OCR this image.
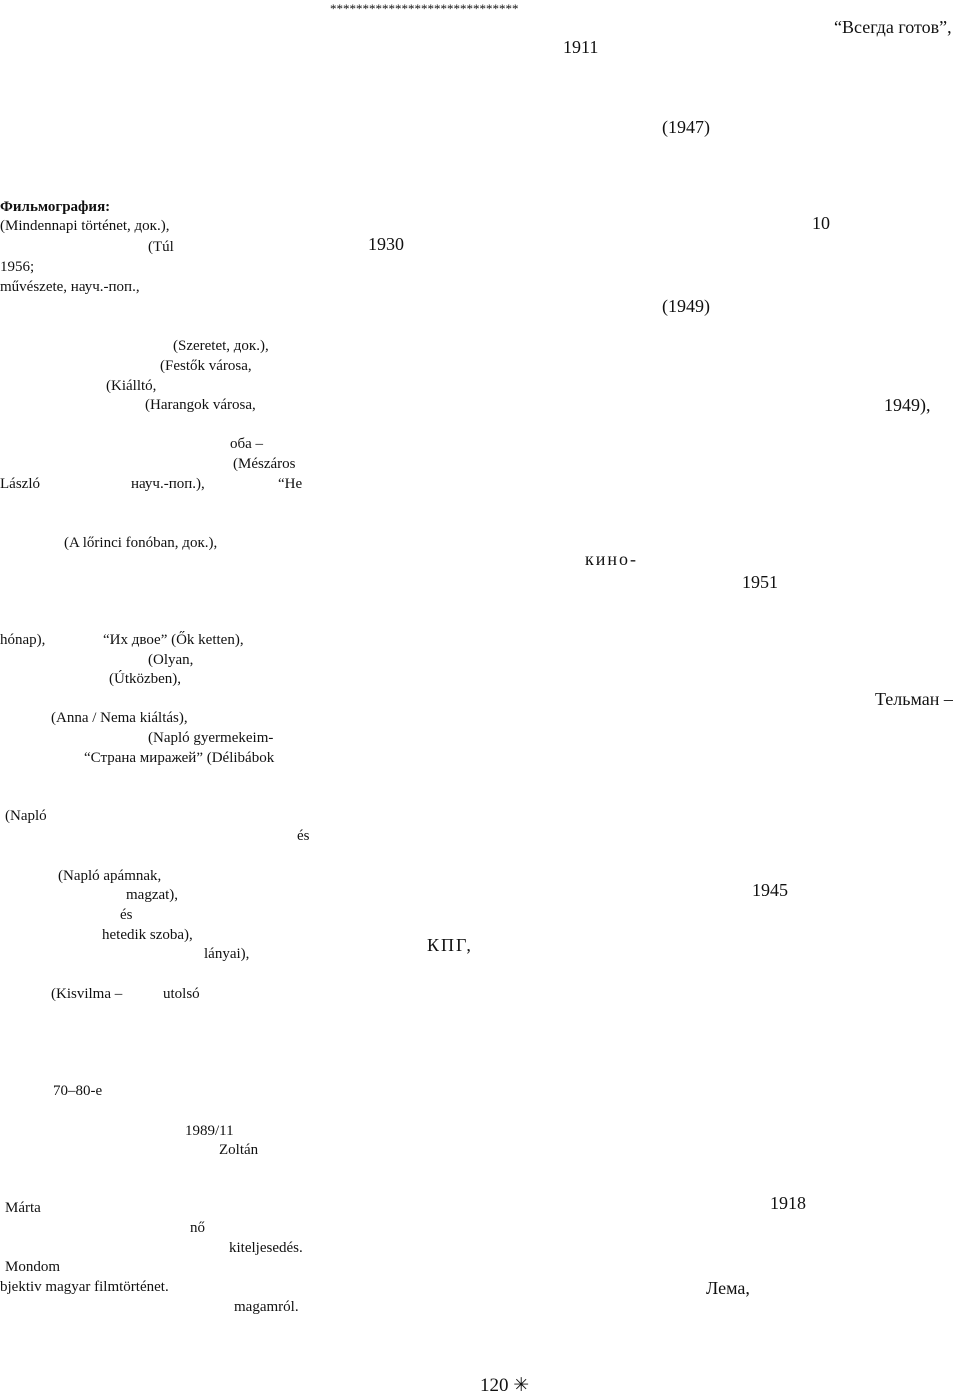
*****************************
“Всегда готов”,
1911
(1947)
10
(1949)
1949),
кино-
1951
Тельман –
1945
КПГ,
1918
Лема,
Фильмография:
(Mindennapi történet, док.),
(Túl	1930
1956;
művészete, науч.-поп.,
(Szeretet, док.),
(Festők városa,
(Kiálltó,
(Harangok városa,
оба –
(Mészáros
László	науч.-поп.),	“Не
(A lőrinci fonóban, док.),
hónap),	“Их двое” (Ők ketten),
(Olyan,
(Útközben),
(Anna / Nema kiáltás),
(Napló gyermekeim-
“Страна миражей” (Délibábok
(Napló
és
(Napló apámnak,
magzat),
és
hetedik szoba),
lányai),
(Kisvilma –	utolsó
70–80-е
1989/11
Zoltán
Márta
nő
kiteljesedés.
Mondom
bjektiv magyar filmtörténet.
magamról.
120 ✳
